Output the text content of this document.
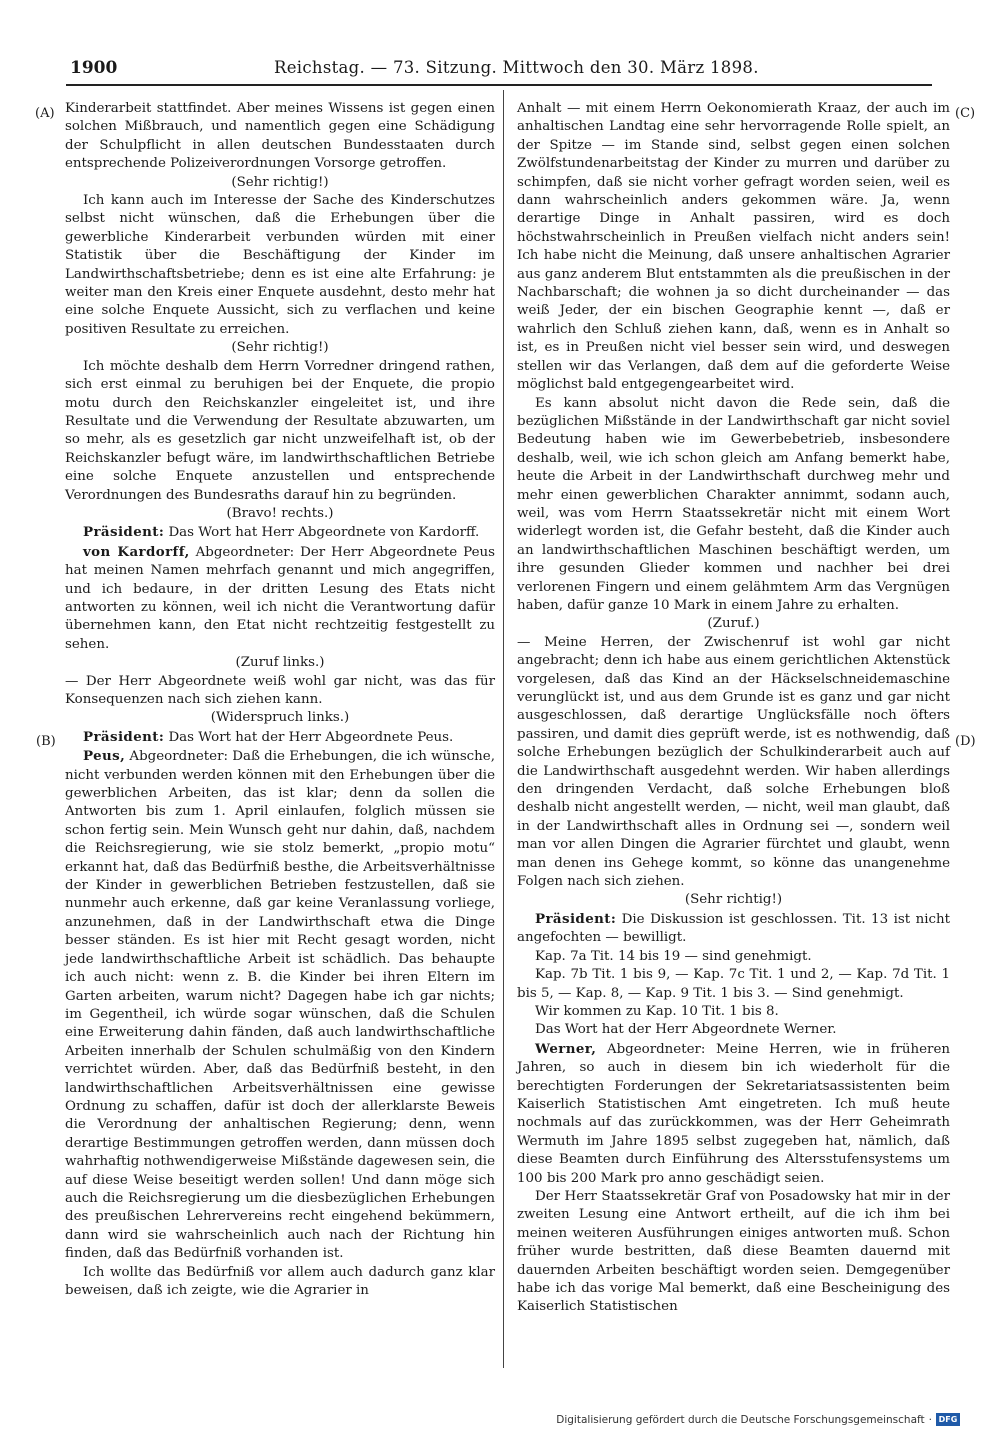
1900	Reichstag. — 73. Sitzung. Mittwoch den 30. März 1898.
(A)
(B)
(C)
(D)

Kinderarbeit stattfindet. Aber meines Wissens ist gegen einen solchen Mißbrauch, und namentlich gegen eine Schädigung der Schulpflicht in allen deutschen Bundesstaaten durch entsprechende Polizeiverordnungen Vorsorge getroffen.

(Sehr richtig!)

Ich kann auch im Interesse der Sache des Kinderschutzes selbst nicht wünschen, daß die Erhebungen über die gewerbliche Kinderarbeit verbunden würden mit einer Statistik über die Beschäftigung der Kinder im Landwirthschaftsbetriebe; denn es ist eine alte Erfahrung: je weiter man den Kreis einer Enquete ausdehnt, desto mehr hat eine solche Enquete Aussicht, sich zu verflachen und keine positiven Resultate zu erreichen.

(Sehr richtig!)

Ich möchte deshalb dem Herrn Vorredner dringend rathen, sich erst einmal zu beruhigen bei der Enquete, die propio motu durch den Reichskanzler eingeleitet ist, und ihre Resultate und die Verwendung der Resultate abzuwarten, um so mehr, als es gesetzlich gar nicht unzweifelhaft ist, ob der Reichskanzler befugt wäre, im landwirthschaftlichen Betriebe eine solche Enquete anzustellen und entsprechende Verordnungen des Bundesraths darauf hin zu begründen.

(Bravo! rechts.)

Präsident: Das Wort hat Herr Abgeordnete von Kardorff.

von Kardorff, Abgeordneter: Der Herr Abgeordnete Peus hat meinen Namen mehrfach genannt und mich angegriffen, und ich bedaure, in der dritten Lesung des Etats nicht antworten zu können, weil ich nicht die Verantwortung dafür übernehmen kann, den Etat nicht rechtzeitig festgestellt zu sehen.

(Zuruf links.)

— Der Herr Abgeordnete weiß wohl gar nicht, was das für Konsequenzen nach sich ziehen kann.

(Widerspruch links.)

Präsident: Das Wort hat der Herr Abgeordnete Peus.

Peus, Abgeordneter: Daß die Erhebungen, die ich wünsche, nicht verbunden werden können mit den Erhebungen über die gewerblichen Arbeiten, das ist klar; denn da sollen die Antworten bis zum 1. April einlaufen, folglich müssen sie schon fertig sein. Mein Wunsch geht nur dahin, daß, nachdem die Reichsregierung, wie sie stolz bemerkt, „propio motu“ erkannt hat, daß das Bedürfniß besthe, die Arbeitsverhältnisse der Kinder in gewerblichen Betrieben festzustellen, daß sie nunmehr auch erkenne, daß gar keine Veranlassung vorliege, anzunehmen, daß in der Landwirthschaft etwa die Dinge besser ständen. Es ist hier mit Recht gesagt worden, nicht jede landwirthschaftliche Arbeit ist schädlich. Das behaupte ich auch nicht: wenn z. B. die Kinder bei ihren Eltern im Garten arbeiten, warum nicht? Dagegen habe ich gar nichts; im Gegentheil, ich würde sogar wünschen, daß die Schulen eine Erweiterung dahin fänden, daß auch landwirthschaftliche Arbeiten innerhalb der Schulen schulmäßig von den Kindern verrichtet würden. Aber, daß das Bedürfniß besteht, in den landwirthschaftlichen Arbeitsverhältnissen eine gewisse Ordnung zu schaffen, dafür ist doch der allerklarste Beweis die Verordnung der anhaltischen Regierung; denn, wenn derartige Bestimmungen getroffen werden, dann müssen doch wahrhaftig nothwendigerweise Mißstände dagewesen sein, die auf diese Weise beseitigt werden sollen! Und dann möge sich auch die Reichsregierung um die diesbezüglichen Erhebungen des preußischen Lehrervereins recht eingehend bekümmern, dann wird sie wahrscheinlich auch nach der Richtung hin finden, daß das Bedürfniß vorhanden ist.

Ich wollte das Bedürfniß vor allem auch dadurch ganz klar beweisen, daß ich zeigte, wie die Agrarier in

Anhalt — mit einem Herrn Oekonomierath Kraaz, der auch im anhaltischen Landtag eine sehr hervorragende Rolle spielt, an der Spitze — im Stande sind, selbst gegen einen solchen Zwölfstundenarbeitstag der Kinder zu murren und darüber zu schimpfen, daß sie nicht vorher gefragt worden seien, weil es dann wahrscheinlich anders gekommen wäre. Ja, wenn derartige Dinge in Anhalt passiren, wird es doch höchstwahrscheinlich in Preußen vielfach nicht anders sein! Ich habe nicht die Meinung, daß unsere anhaltischen Agrarier aus ganz anderem Blut entstammten als die preußischen in der Nachbarschaft; die wohnen ja so dicht durcheinander — das weiß Jeder, der ein bischen Geographie kennt —, daß er wahrlich den Schluß ziehen kann, daß, wenn es in Anhalt so ist, es in Preußen nicht viel besser sein wird, und deswegen stellen wir das Verlangen, daß dem auf die geforderte Weise möglichst bald entgegengearbeitet wird.

Es kann absolut nicht davon die Rede sein, daß die bezüglichen Mißstände in der Landwirthschaft gar nicht soviel Bedeutung haben wie im Gewerbebetrieb, insbesondere deshalb, weil, wie ich schon gleich am Anfang bemerkt habe, heute die Arbeit in der Landwirthschaft durchweg mehr und mehr einen gewerblichen Charakter annimmt, sodann auch, weil, was vom Herrn Staatssekretär nicht mit einem Wort widerlegt worden ist, die Gefahr besteht, daß die Kinder auch an landwirthschaftlichen Maschinen beschäftigt werden, um ihre gesunden Glieder kommen und nachher bei drei verlorenen Fingern und einem gelähmtem Arm das Vergnügen haben, dafür ganze 10 Mark in einem Jahre zu erhalten.

(Zuruf.)

— Meine Herren, der Zwischenruf ist wohl gar nicht angebracht; denn ich habe aus einem gerichtlichen Aktenstück vorgelesen, daß das Kind an der Häckselschneidemaschine verunglückt ist, und aus dem Grunde ist es ganz und gar nicht ausgeschlossen, daß derartige Unglücksfälle noch öfters passiren, und damit dies geprüft werde, ist es nothwendig, daß solche Erhebungen bezüglich der Schulkinderarbeit auch auf die Landwirthschaft ausgedehnt werden. Wir haben allerdings den dringenden Verdacht, daß solche Erhebungen bloß deshalb nicht angestellt werden, — nicht, weil man glaubt, daß in der Landwirthschaft alles in Ordnung sei —, sondern weil man vor allen Dingen die Agrarier fürchtet und glaubt, wenn man denen ins Gehege kommt, so könne das unangenehme Folgen nach sich ziehen.

(Sehr richtig!)

Präsident: Die Diskussion ist geschlossen. Tit. 13 ist nicht angefochten — bewilligt.

Kap. 7a Tit. 14 bis 19 — sind genehmigt.

Kap. 7b Tit. 1 bis 9, — Kap. 7c Tit. 1 und 2, — Kap. 7d Tit. 1 bis 5, — Kap. 8, — Kap. 9 Tit. 1 bis 3. — Sind genehmigt.

Wir kommen zu Kap. 10 Tit. 1 bis 8.

Das Wort hat der Herr Abgeordnete Werner.

Werner, Abgeordneter: Meine Herren, wie in früheren Jahren, so auch in diesem bin ich wiederholt für die berechtigten Forderungen der Sekretariatsassistenten beim Kaiserlich Statistischen Amt eingetreten. Ich muß heute nochmals auf das zurückkommen, was der Herr Geheimrath Wermuth im Jahre 1895 selbst zugegeben hat, nämlich, daß diese Beamten durch Einführung des Altersstufensystems um 100 bis 200 Mark pro anno geschädigt seien.

Der Herr Staatssekretär Graf von Posadowsky hat mir in der zweiten Lesung eine Antwort ertheilt, auf die ich ihm bei meinen weiteren Ausführungen einiges antworten muß. Schon früher wurde bestritten, daß diese Beamten dauernd mit dauernden Arbeiten beschäftigt worden seien. Demgegenüber habe ich das vorige Mal bemerkt, daß eine Bescheinigung des Kaiserlich Statistischen

Digitalisierung gefördert durch die Deutsche Forschungsgemeinschaft · DFG
